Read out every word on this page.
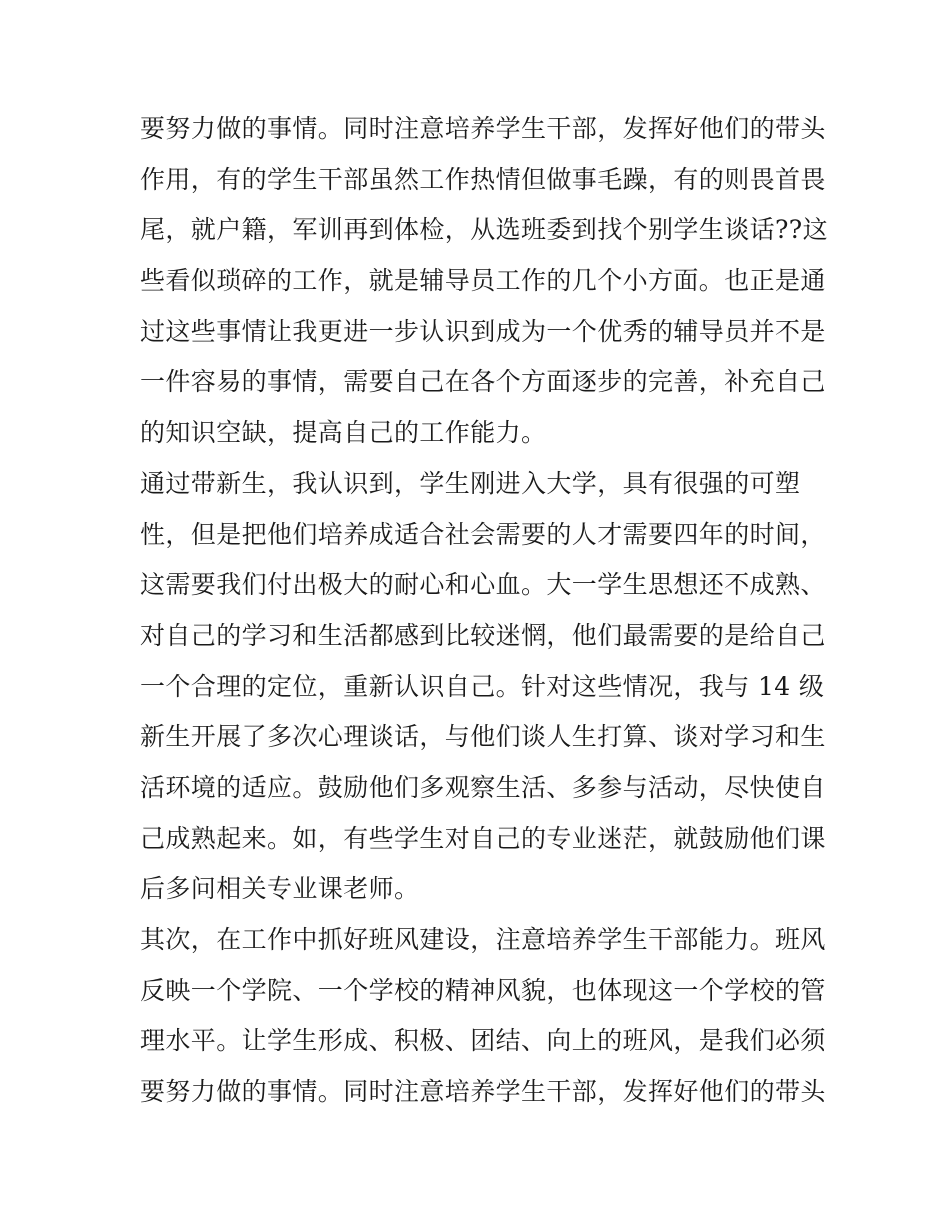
要努力做的事情。同时注意培养学生干部，发挥好他们的带头
作用，有的学生干部虽然工作热情但做事毛躁，有的则畏首畏
尾，就户籍，军训再到体检，从选班委到找个别学生谈话??这
些看似琐碎的工作，就是辅导员工作的几个小方面。也正是通
过这些事情让我更进一步认识到成为一个优秀的辅导员并不是
一件容易的事情，需要自己在各个方面逐步的完善，补充自己
的知识空缺，提高自己的工作能力。
通过带新生，我认识到，学生刚进入大学，具有很强的可塑
性，但是把他们培养成适合社会需要的人才需要四年的时间，
这需要我们付出极大的耐心和心血。大一学生思想还不成熟、
对自己的学习和生活都感到比较迷惘，他们最需要的是给自己
一个合理的定位，重新认识自己。针对这些情况，我与 14 级
新生开展了多次心理谈话，与他们谈人生打算、谈对学习和生
活环境的适应。鼓励他们多观察生活、多参与活动，尽快使自
己成熟起来。如，有些学生对自己的专业迷茫，就鼓励他们课
后多问相关专业课老师。
其次，在工作中抓好班风建设，注意培养学生干部能力。班风
反映一个学院、一个学校的精神风貌，也体现这一个学校的管
理水平。让学生形成、积极、团结、向上的班风，是我们必须
要努力做的事情。同时注意培养学生干部，发挥好他们的带头
